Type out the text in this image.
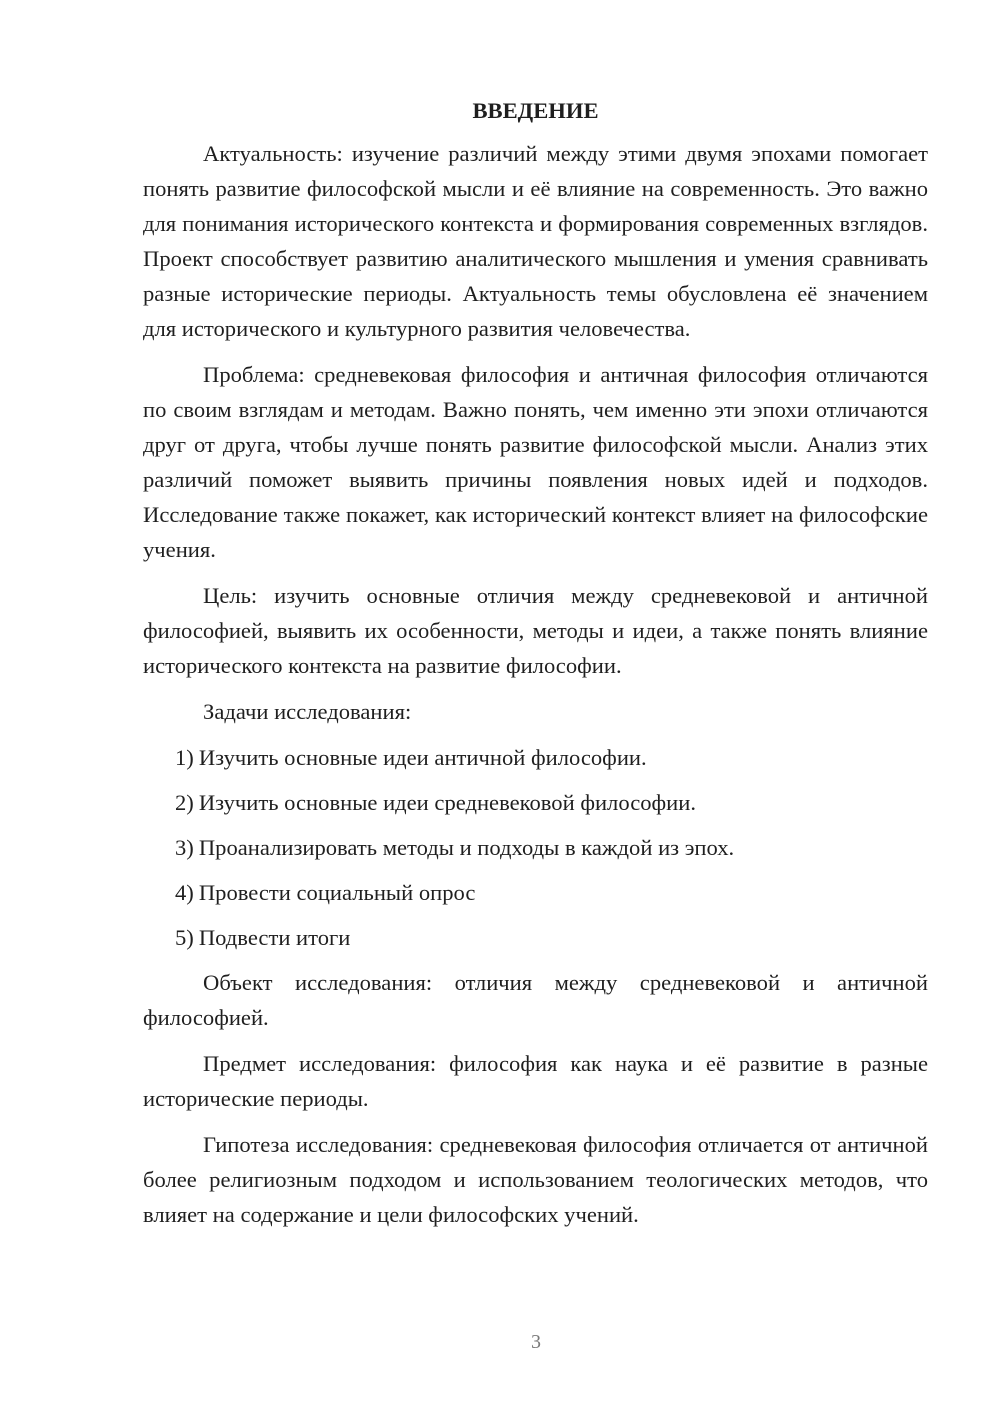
ВВЕДЕНИЕ

Актуальность: изучение различий между этими двумя эпохами помогает понять развитие философской мысли и её влияние на современность. Это важно для понимания исторического контекста и формирования современных взглядов. Проект способствует развитию аналитического мышления и умения сравнивать разные исторические периоды. Актуальность темы обусловлена её значением для исторического и культурного развития человечества.

Проблема: средневековая философия и античная философия отличаются по своим взглядам и методам. Важно понять, чем именно эти эпохи отличаются друг от друга, чтобы лучше понять развитие философской мысли. Анализ этих различий поможет выявить причины появления новых идей и подходов. Исследование также покажет, как исторический контекст влияет на философские учения.

Цель: изучить основные отличия между средневековой и античной философией, выявить их особенности, методы и идеи, а также понять влияние исторического контекста на развитие философии.

Задачи исследования:

1) Изучить основные идеи античной философии.
2) Изучить основные идеи средневековой философии.
3) Проанализировать методы и подходы в каждой из эпох.
4) Провести социальный опрос
5) Подвести итоги

Объект исследования: отличия между средневековой и античной философией.

Предмет исследования: философия как наука и её развитие в разные исторические периоды.

Гипотеза исследования: средневековая философия отличается от античной более религиозным подходом и использованием теологических методов, что влияет на содержание и цели философских учений.

3
